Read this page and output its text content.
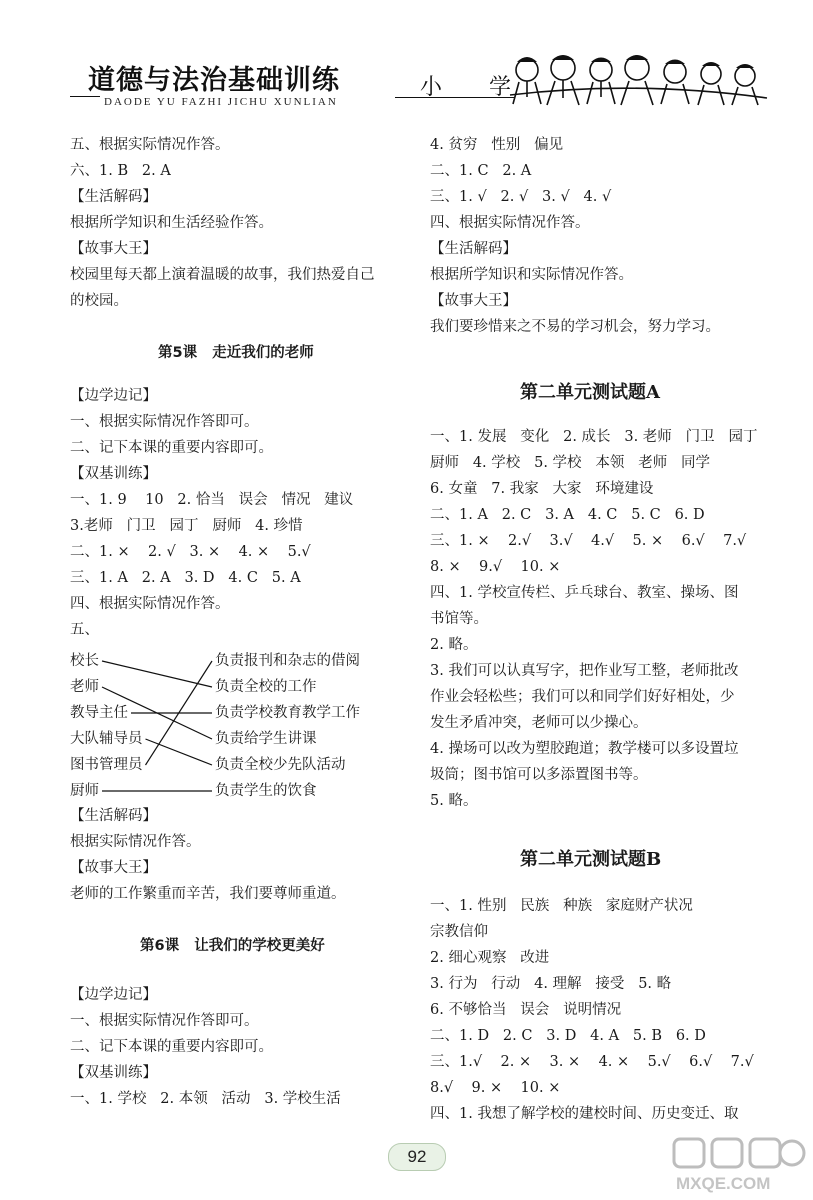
道德与法治基础训练
DAODE YU FAZHI JICHU XUNLIAN
小 学
五、根据实际情况作答。
六、1. B   2. A
【生活解码】
根据所学知识和生活经验作答。
【故事大王】
校园里每天都上演着温暖的故事，我们热爱自己
的校园。
第5课   走近我们的老师
【边学边记】
一、根据实际情况作答即可。
二、记下本课的重要内容即可。
【双基训练】
一、1. 9    10   2. 恰当   误会   情况   建议
3.老师   门卫   园丁   厨师   4. 珍惜
二、1. ×    2. √   3. ×    4. ×    5.√
三、1. A   2. A   3. D   4. C   5. A
四、根据实际情况作答。
五、
校长
老师
教导主任
大队辅导员
图书管理员
厨师
负责报刊和杂志的借阅
负责全校的工作
负责学校教育教学工作
负责给学生讲课
负责全校少先队活动
负责学生的饮食
【生活解码】
根据实际情况作答。
【故事大王】
老师的工作繁重而辛苦，我们要尊师重道。
第6课   让我们的学校更美好
【边学边记】
一、根据实际情况作答即可。
二、记下本课的重要内容即可。
【双基训练】
一、1. 学校   2. 本领   活动   3. 学校生活
4. 贫穷   性别   偏见
二、1. C   2. A
三、1. √   2. √   3. √   4. √
四、根据实际情况作答。
【生活解码】
根据所学知识和实际情况作答。
【故事大王】
我们要珍惜来之不易的学习机会，努力学习。
第二单元测试题A
一、1. 发展   变化   2. 成长   3. 老师   门卫   园丁
厨师   4. 学校   5. 学校   本领   老师   同学
6. 女童   7. 我家   大家   环境建设
二、1. A   2. C   3. A   4. C   5. C   6. D
三、1. ×    2.√    3.√    4.√    5. ×    6.√    7.√
8. ×    9.√    10. ×
四、1. 学校宣传栏、乒乓球台、教室、操场、图
书馆等。
2. 略。
3. 我们可以认真写字，把作业写工整，老师批改
作业会轻松些；我们可以和同学们好好相处，少
发生矛盾冲突，老师可以少操心。
4. 操场可以改为塑胶跑道；教学楼可以多设置垃
圾筒；图书馆可以多添置图书等。
5. 略。
第二单元测试题B
一、1. 性别   民族   种族   家庭财产状况
宗教信仰
2. 细心观察   改进
3. 行为   行动   4. 理解   接受   5. 略
6. 不够恰当   误会   说明情况
二、1. D   2. C   3. D   4. A   5. B   6. D
三、1.√    2. ×    3. ×    4. ×    5.√    6.√    7.√
8.√    9. ×    10. ×
四、1. 我想了解学校的建校时间、历史变迁、取
92
MXQE.COM
